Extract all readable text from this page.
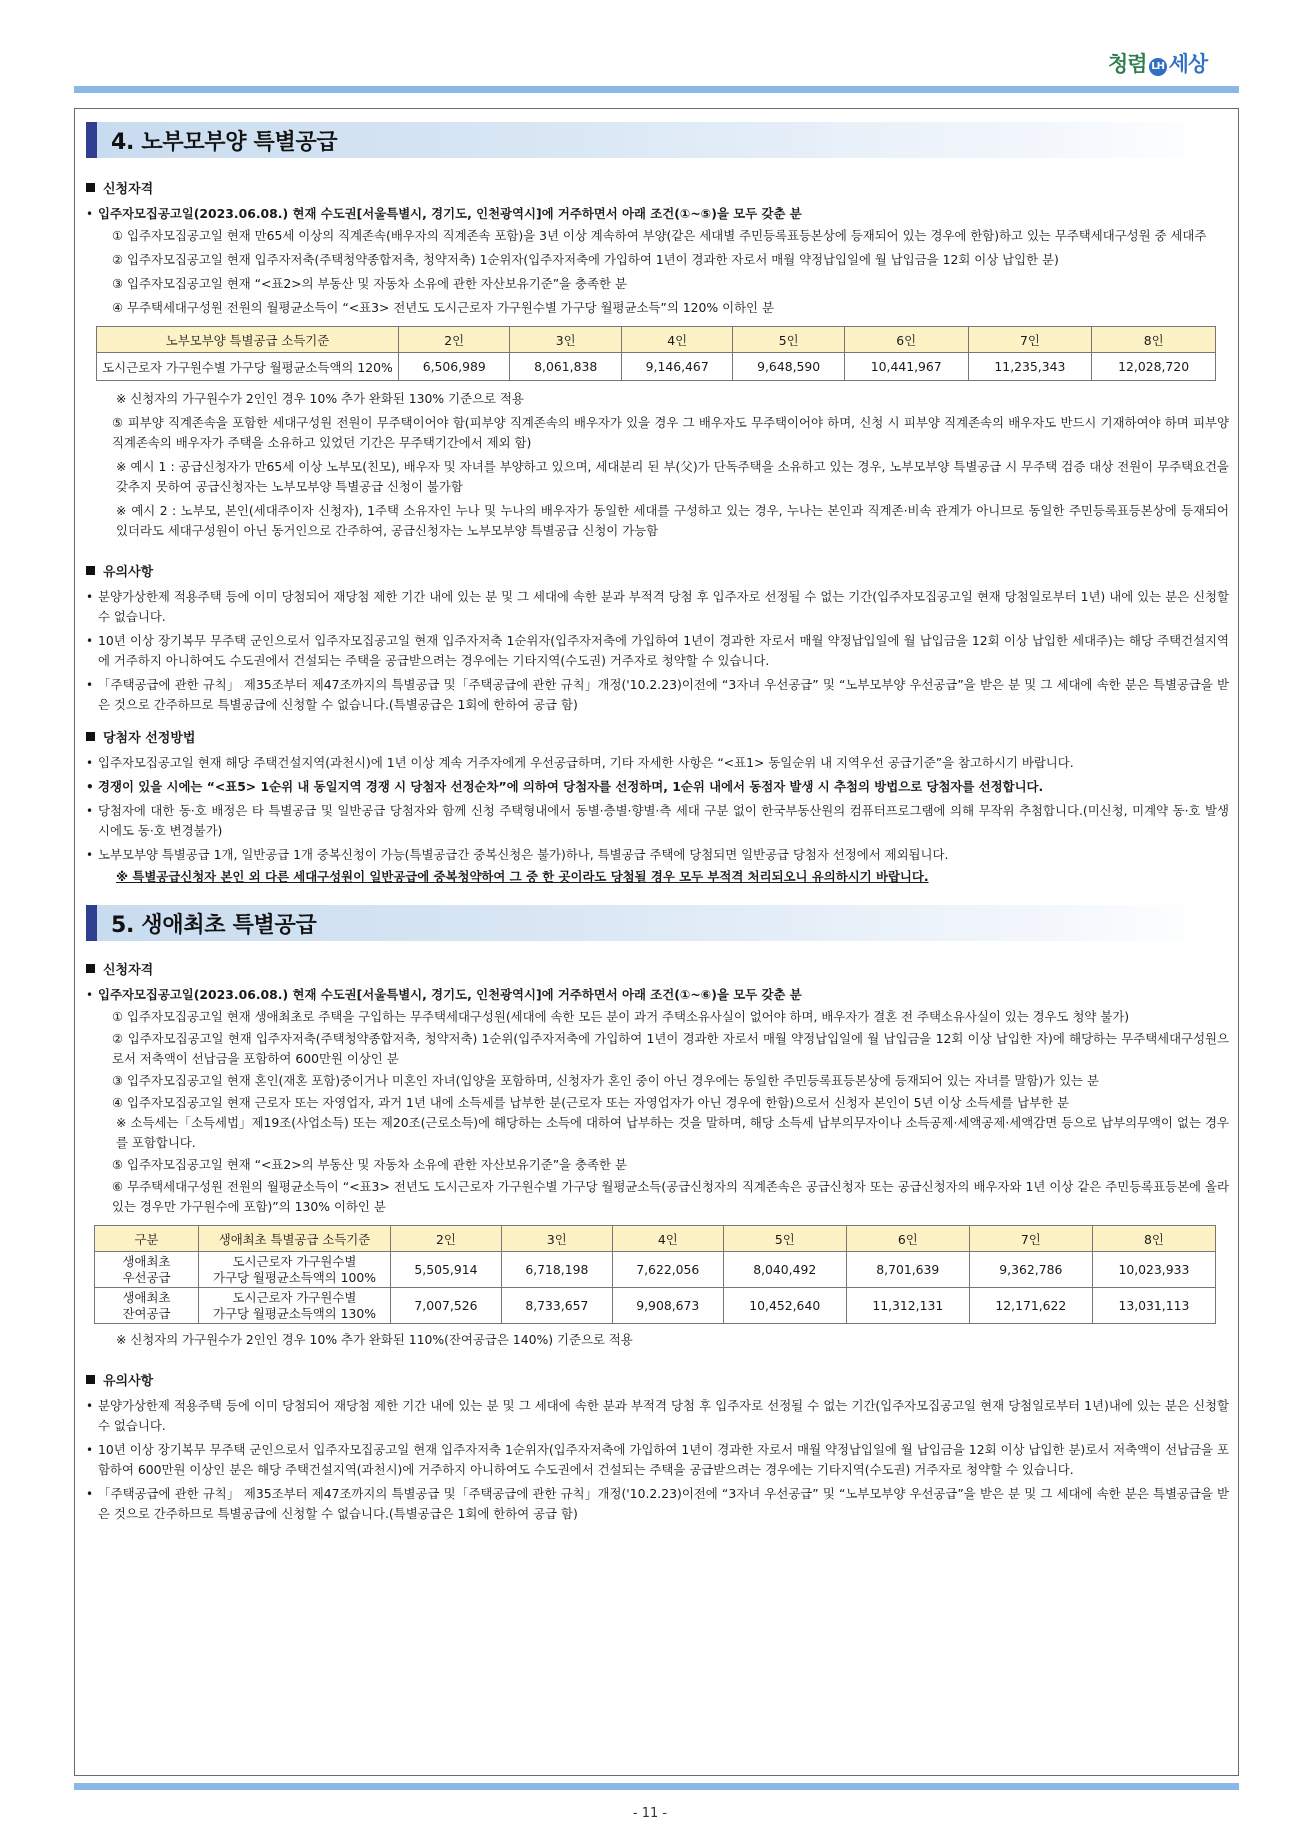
청렴 LH 세상
4. 노부모부양 특별공급
신청자격
• 입주자모집공고일(2023.06.08.) 현재 수도권[서울특별시, 경기도, 인천광역시]에 거주하면서 아래 조건(①~⑤)을 모두 갖춘 분
① 입주자모집공고일 현재 만65세 이상의 직계존속(배우자의 직계존속 포함)을 3년 이상 계속하여 부양(같은 세대별 주민등록표등본상에 등재되어 있는 경우에 한함)하고 있는 무주택세대구성원 중 세대주
② 입주자모집공고일 현재 입주자저축(주택청약종합저축, 청약저축) 1순위자(입주자저축에 가입하여 1년이 경과한 자로서 매월 약정납입일에 월 납입금을 12회 이상 납입한 분)
③ 입주자모집공고일 현재 “<표2>의 부동산 및 자동차 소유에 관한 자산보유기준”을 충족한 분
④ 무주택세대구성원 전원의 월평균소득이 “<표3> 전년도 도시근로자 가구원수별 가구당 월평균소득”의 120% 이하인 분
노부모부양 특별공급 소득기준	2인	3인	4인	5인	6인	7인	8인
도시근로자 가구원수별 가구당 월평균소득액의 120%	6,506,989	8,061,838	9,146,467	9,648,590	10,441,967	11,235,343	12,028,720
※ 신청자의 가구원수가 2인인 경우 10% 추가 완화된 130% 기준으로 적용
⑤ 피부양 직계존속을 포함한 세대구성원 전원이 무주택이어야 함(피부양 직계존속의 배우자가 있을 경우 그 배우자도 무주택이어야 하며, 신청 시 피부양 직계존속의 배우자도 반드시 기재하여야 하며 피부양 직계존속의 배우자가 주택을 소유하고 있었던 기간은 무주택기간에서 제외 함)
※ 예시 1 : 공급신청자가 만65세 이상 노부모(친모), 배우자 및 자녀를 부양하고 있으며, 세대분리 된 부(父)가 단독주택을 소유하고 있는 경우, 노부모부양 특별공급 시 무주택 검증 대상 전원이 무주택요건을 갖추지 못하여 공급신청자는 노부모부양 특별공급 신청이 불가함
※ 예시 2 : 노부모, 본인(세대주이자 신청자), 1주택 소유자인 누나 및 누나의 배우자가 동일한 세대를 구성하고 있는 경우, 누나는 본인과 직계존·비속 관계가 아니므로 동일한 주민등록표등본상에 등재되어 있더라도 세대구성원이 아닌 동거인으로 간주하여, 공급신청자는 노부모부양 특별공급 신청이 가능함
유의사항
• 분양가상한제 적용주택 등에 이미 당첨되어 재당첨 제한 기간 내에 있는 분 및 그 세대에 속한 분과 부적격 당첨 후 입주자로 선정될 수 없는 기간(입주자모집공고일 현재 당첨일로부터 1년) 내에 있는 분은 신청할 수 없습니다.
• 10년 이상 장기복무 무주택 군인으로서 입주자모집공고일 현재 입주자저축 1순위자(입주자저축에 가입하여 1년이 경과한 자로서 매월 약정납입일에 월 납입금을 12회 이상 납입한 세대주)는 해당 주택건설지역에 거주하지 아니하여도 수도권에서 건설되는 주택을 공급받으려는 경우에는 기타지역(수도권) 거주자로 청약할 수 있습니다.
• 「주택공급에 관한 규칙」 제35조부터 제47조까지의 특별공급 및「주택공급에 관한 규칙」개정('10.2.23)이전에 “3자녀 우선공급” 및 “노부모부양 우선공급”을 받은 분 및 그 세대에 속한 분은 특별공급을 받은 것으로 간주하므로 특별공급에 신청할 수 없습니다.(특별공급은 1회에 한하여 공급 함)
당첨자 선정방법
• 입주자모집공고일 현재 해당 주택건설지역(과천시)에 1년 이상 계속 거주자에게 우선공급하며, 기타 자세한 사항은 “<표1> 동일순위 내 지역우선 공급기준”을 참고하시기 바랍니다.
• 경쟁이 있을 시에는 “<표5> 1순위 내 동일지역 경쟁 시 당첨자 선정순차”에 의하여 당첨자를 선정하며, 1순위 내에서 동점자 발생 시 추첨의 방법으로 당첨자를 선정합니다.
• 당첨자에 대한 동·호 배정은 타 특별공급 및 일반공급 당첨자와 함께 신청 주택형내에서 동별·층별·향별·측 세대 구분 없이 한국부동산원의 컴퓨터프로그램에 의해 무작위 추첨합니다.(미신청, 미계약 동·호 발생 시에도 동·호 변경불가)
• 노부모부양 특별공급 1개, 일반공급 1개 중복신청이 가능(특별공급간 중복신청은 불가)하나, 특별공급 주택에 당첨되면 일반공급 당첨자 선정에서 제외됩니다.
※ 특별공급신청자 본인 외 다른 세대구성원이 일반공급에 중복청약하여 그 중 한 곳이라도 당첨될 경우 모두 부적격 처리되오니 유의하시기 바랍니다.
5. 생애최초 특별공급
신청자격
• 입주자모집공고일(2023.06.08.) 현재 수도권[서울특별시, 경기도, 인천광역시]에 거주하면서 아래 조건(①~⑥)을 모두 갖춘 분
① 입주자모집공고일 현재 생애최초로 주택을 구입하는 무주택세대구성원(세대에 속한 모든 분이 과거 주택소유사실이 없어야 하며, 배우자가 결혼 전 주택소유사실이 있는 경우도 청약 불가)
② 입주자모집공고일 현재 입주자저축(주택청약종합저축, 청약저축) 1순위(입주자저축에 가입하여 1년이 경과한 자로서 매월 약정납입일에 월 납입금을 12회 이상 납입한 자)에 해당하는 무주택세대구성원으로서 저축액이 선납금을 포함하여 600만원 이상인 분
③ 입주자모집공고일 현재 혼인(재혼 포함)중이거나 미혼인 자녀(입양을 포함하며, 신청자가 혼인 중이 아닌 경우에는 동일한 주민등록표등본상에 등재되어 있는 자녀를 말함)가 있는 분
④ 입주자모집공고일 현재 근로자 또는 자영업자, 과거 1년 내에 소득세를 납부한 분(근로자 또는 자영업자가 아닌 경우에 한함)으로서 신청자 본인이 5년 이상 소득세를 납부한 분
※ 소득세는「소득세법」제19조(사업소득) 또는 제20조(근로소득)에 해당하는 소득에 대하여 납부하는 것을 말하며, 해당 소득세 납부의무자이나 소득공제·세액공제·세액감면 등으로 납부의무액이 없는 경우를 포함합니다.
⑤ 입주자모집공고일 현재 “<표2>의 부동산 및 자동차 소유에 관한 자산보유기준”을 충족한 분
⑥ 무주택세대구성원 전원의 월평균소득이 “<표3> 전년도 도시근로자 가구원수별 가구당 월평균소득(공급신청자의 직계존속은 공급신청자 또는 공급신청자의 배우자와 1년 이상 같은 주민등록표등본에 올라 있는 경우만 가구원수에 포함)”의 130% 이하인 분
구분	생애최초 특별공급 소득기준	2인	3인	4인	5인	6인	7인	8인
생애최초
우선공급	도시근로자 가구원수별
가구당 월평균소득액의 100%	5,505,914	6,718,198	7,622,056	8,040,492	8,701,639	9,362,786	10,023,933
생애최초
잔여공급	도시근로자 가구원수별
가구당 월평균소득액의 130%	7,007,526	8,733,657	9,908,673	10,452,640	11,312,131	12,171,622	13,031,113
※ 신청자의 가구원수가 2인인 경우 10% 추가 완화된 110%(잔여공급은 140%) 기준으로 적용
유의사항
• 분양가상한제 적용주택 등에 이미 당첨되어 재당첨 제한 기간 내에 있는 분 및 그 세대에 속한 분과 부적격 당첨 후 입주자로 선정될 수 없는 기간(입주자모집공고일 현재 당첨일로부터 1년)내에 있는 분은 신청할 수 없습니다.
• 10년 이상 장기복무 무주택 군인으로서 입주자모집공고일 현재 입주자저축 1순위자(입주자저축에 가입하여 1년이 경과한 자로서 매월 약정납입일에 월 납입금을 12회 이상 납입한 분)로서 저축액이 선납금을 포함하여 600만원 이상인 분은 해당 주택건설지역(과천시)에 거주하지 아니하여도 수도권에서 건설되는 주택을 공급받으려는 경우에는 기타지역(수도권) 거주자로 청약할 수 있습니다.
• 「주택공급에 관한 규칙」 제35조부터 제47조까지의 특별공급 및「주택공급에 관한 규칙」개정('10.2.23)이전에 “3자녀 우선공급” 및 “노부모부양 우선공급”을 받은 분 및 그 세대에 속한 분은 특별공급을 받은 것으로 간주하므로 특별공급에 신청할 수 없습니다.(특별공급은 1회에 한하여 공급 함)
- 11 -
